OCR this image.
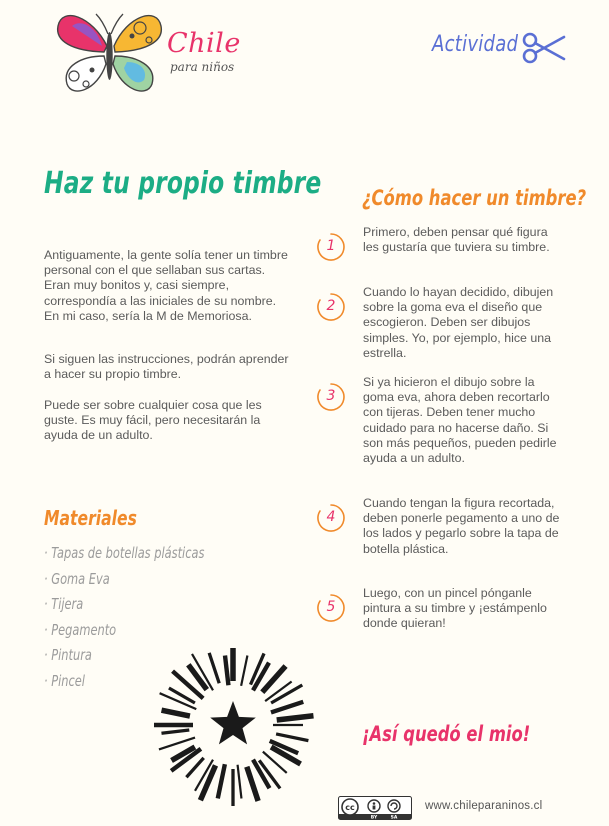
Chile
para niños
Actividad
Haz tu propio timbre

Antiguamente, la gente solía tener un timbre personal con el que sellaban sus cartas. Eran muy bonitos y, casi siempre, correspondía a las iniciales de su nombre. En mi caso, sería la M de Memoriosa.

Si siguen las instrucciones, podrán aprender a hacer su propio timbre.

Puede ser sobre cualquier cosa que les guste. Es muy fácil, pero necesitarán la ayuda de un adulto.

Materiales
· Tapas de botellas plásticas
· Goma Eva
· Tijera
· Pegamento
· Pintura
· Pincel
¿Cómo hacer un timbre?
1

Primero, deben pensar qué figura les gustaría que tuviera su timbre.

2

Cuando lo hayan decidido, dibujen sobre la goma eva el diseño que escogieron. Deben ser dibujos simples. Yo, por ejemplo, hice una estrella.

3

Si ya hicieron el dibujo sobre la goma eva, ahora deben recortarlo con tijeras. Deben tener mucho cuidado para no hacerse daño. Si son más pequeños, pueden pedirle ayuda a un adulto.

4

Cuando tengan la figura recortada, deben ponerle pegamento a uno de los lados y pegarlo sobre la tapa de botella plástica.

5

Luego, con un pincel pónganle pintura a su timbre y ¡estámpenlo donde quieran!

¡Así quedó el mio!
cc
BY	SA
www.chileparaninos.cl
